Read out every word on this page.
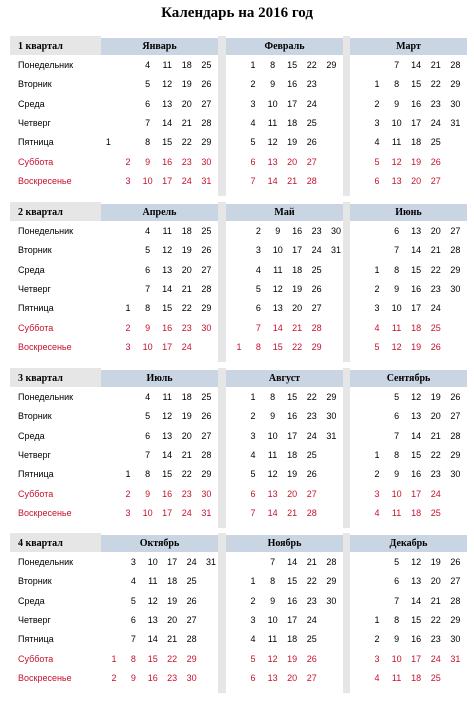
Календарь на 2016 год
1 квартал
Понедельник
Вторник
Среда
Четверг
Пятница
Суббота
Воскресенье
Январь
2
3
4
5
6
7
8
9
10
11
12
13
14
15
16
17
18
19
20
21
22
23
24
25
26
27
28
29
30
31
1
Февраль
1
2
3
4
5
6
7
8
9
10
11
12
13
14
15
16
17
18
19
20
21
22
23
24
25
26
27
28
29
Март
1
2
3
4
5
6
7
8
9
10
11
12
13
14
15
16
17
18
19
20
21
22
23
24
25
26
27
28
29
30
31
2 квартал
Понедельник
Вторник
Среда
Четверг
Пятница
Суббота
Воскресенье
Апрель
1
2
3
4
5
6
7
8
9
10
11
12
13
14
15
16
17
18
19
20
21
22
23
24
25
26
27
28
29
30
Май
1
2
3
4
5
6
7
8
9
10
11
12
13
14
15
16
17
18
19
20
21
22
23
24
25
26
27
28
29
30
31
Июнь
1
2
3
4
5
6
7
8
9
10
11
12
13
14
15
16
17
18
19
20
21
22
23
24
25
26
27
28
29
30
3 квартал
Понедельник
Вторник
Среда
Четверг
Пятница
Суббота
Воскресенье
Июль
1
2
3
4
5
6
7
8
9
10
11
12
13
14
15
16
17
18
19
20
21
22
23
24
25
26
27
28
29
30
31
Август
1
2
3
4
5
6
7
8
9
10
11
12
13
14
15
16
17
18
19
20
21
22
23
24
25
26
27
28
29
30
31
Сентябрь
1
2
3
4
5
6
7
8
9
10
11
12
13
14
15
16
17
18
19
20
21
22
23
24
25
26
27
28
29
30
4 квартал
Понедельник
Вторник
Среда
Четверг
Пятница
Суббота
Воскресенье
Октябрь
1
2
3
4
5
6
7
8
9
10
11
12
13
14
15
16
17
18
19
20
21
22
23
24
25
26
27
28
29
30
31
Ноябрь
1
2
3
4
5
6
7
8
9
10
11
12
13
14
15
16
17
18
19
20
21
22
23
24
25
26
27
28
29
30
Декабрь
1
2
3
4
5
6
7
8
9
10
11
12
13
14
15
16
17
18
19
20
21
22
23
24
25
26
27
28
29
30
31
